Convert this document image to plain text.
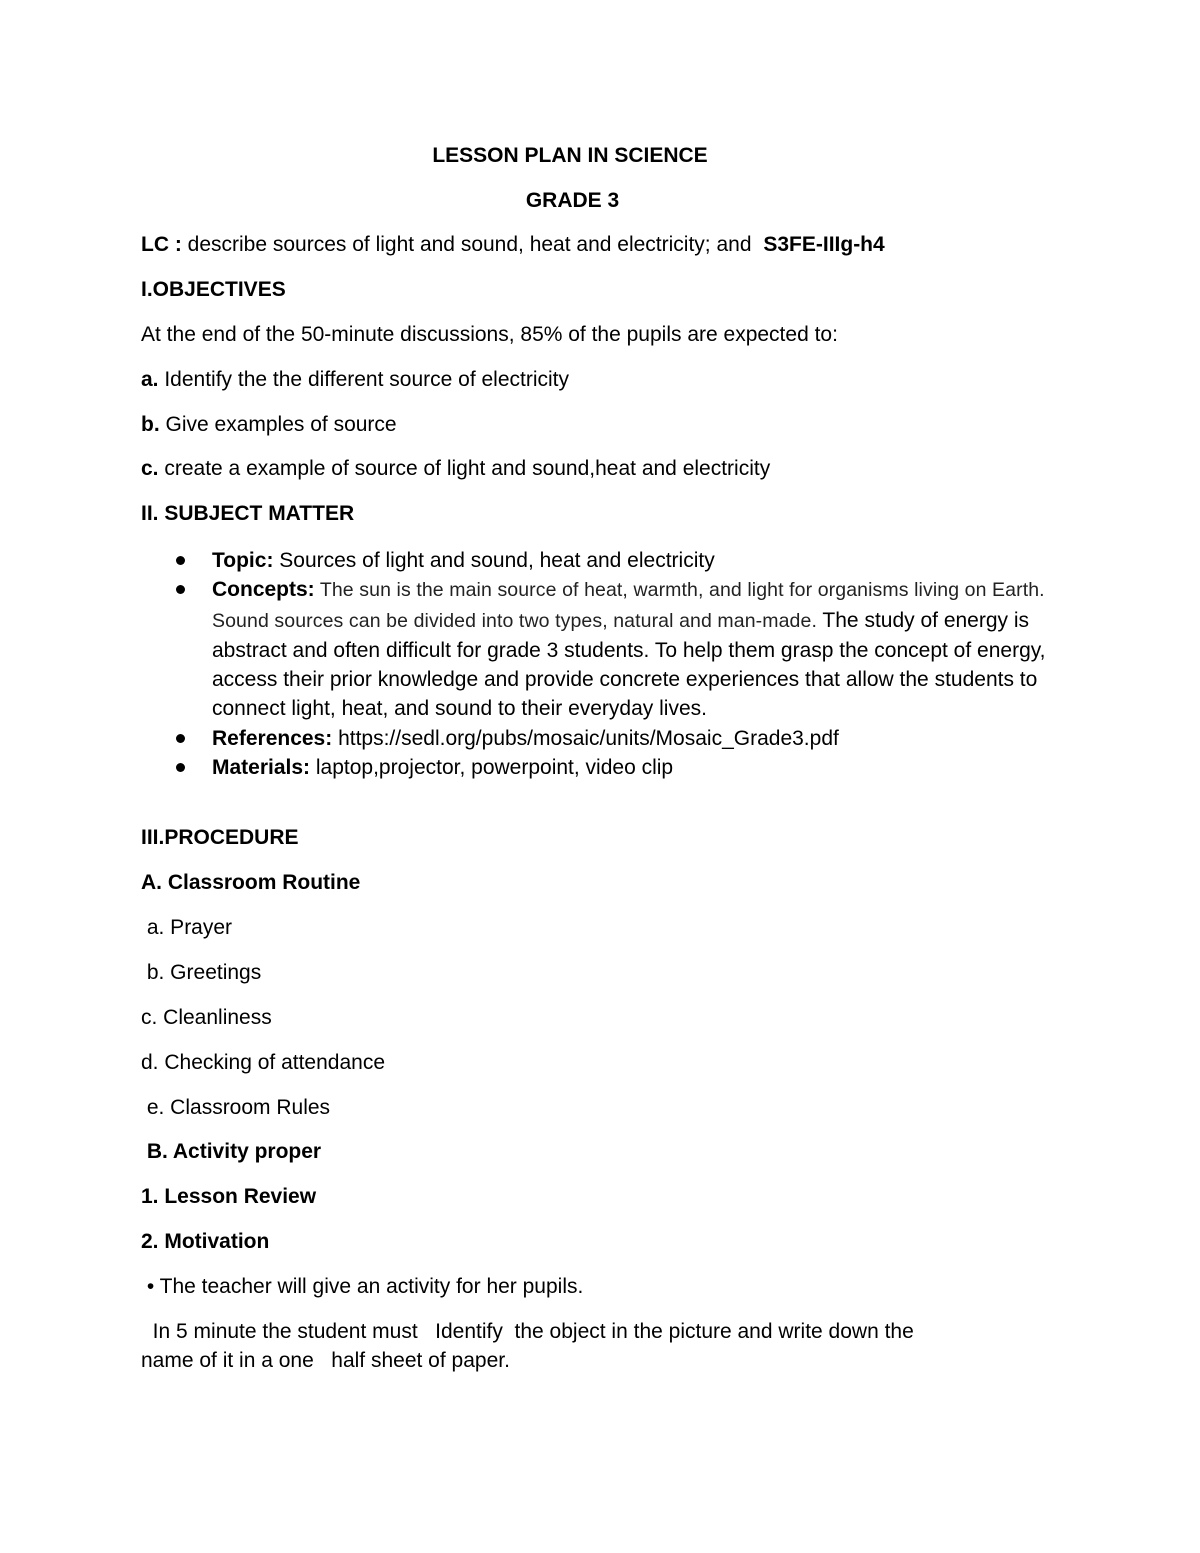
LESSON PLAN IN SCIENCE
GRADE 3
LC : describe sources of light and sound, heat and electricity; and S3FE-IIIg-h4
I.OBJECTIVES
At the end of the 50-minute discussions, 85% of the pupils are expected to:
a. Identify the the different source of electricity
b. Give examples of source
c. create a example of source of light and sound,heat and electricity
II. SUBJECT MATTER
Topic: Sources of light and sound, heat and electricity
Concepts: The sun is the main source of heat, warmth, and light for organisms living on Earth. Sound sources can be divided into two types, natural and man-made. The study of energy is abstract and often difficult for grade 3 students. To help them grasp the concept of energy, access their prior knowledge and provide concrete experiences that allow the students to connect light, heat, and sound to their everyday lives.
References: https://sedl.org/pubs/mosaic/units/Mosaic_Grade3.pdf
Materials: laptop,projector, powerpoint, video clip
III.PROCEDURE
A. Classroom Routine
a. Prayer
b. Greetings
c. Cleanliness
d. Checking of attendance
e. Classroom Rules
B. Activity proper
1. Lesson Review
2. Motivation
• The teacher will give an activity for her pupils.
In 5 minute the student must   Identify  the object in the picture and write down the
name of it in a one   half sheet of paper.
